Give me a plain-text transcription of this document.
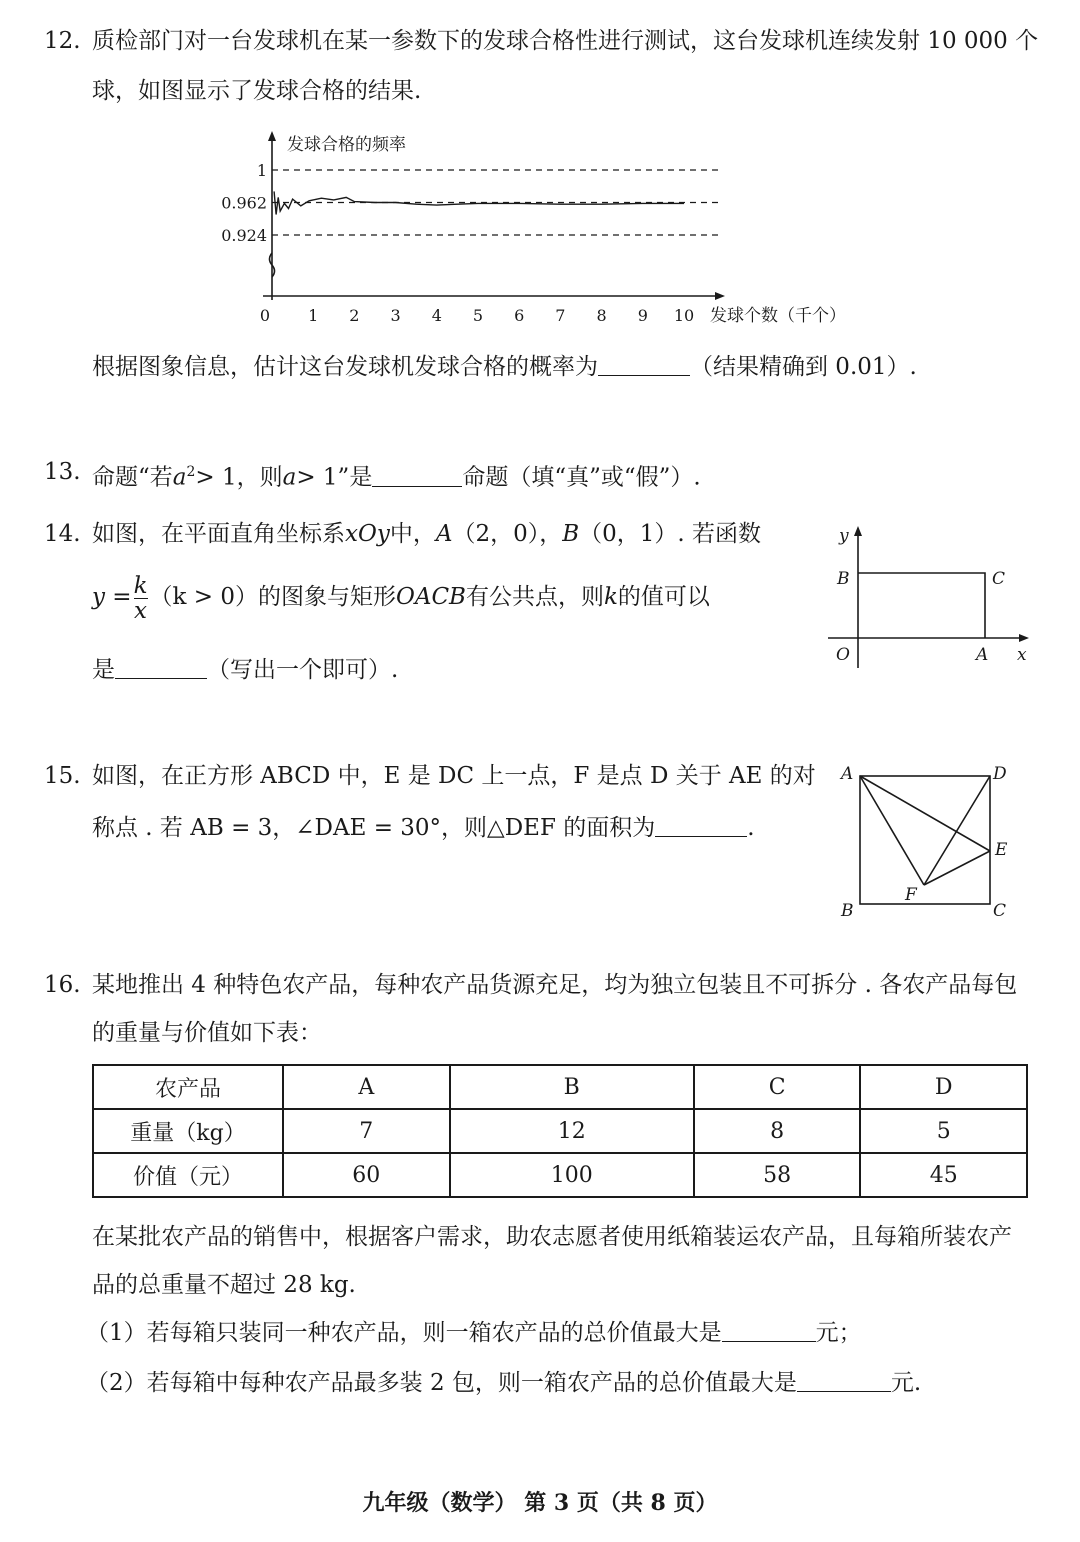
12. 质检部门对一台发球机在某一参数下的发球合格性进行测试，这台发球机连续发射 10 000 个
球，如图显示了发球合格的结果.
发球合格的频率
发球个数（千个）
1
0.962
0.924
0 1 2 3 4 5 6 7 8 9 10
根据图象信息，估计这台发球机发球合格的概率为	（结果精确到 0.01）.
13. 命题“若$a^2> 1$，则a> 1”是	命题（填“真”或“假”）.
14. 如图，在平面直角坐标系xOy中，A（2，0），B（0，1）. 若函数
$y = \frac{k}{x} (k > 0)$的图象与矩形OACB有公共点，则k的值可以
是	（写出一个即可）.
y
B	C
O	A x
15. 如图，在正方形 ABCD 中，E 是 DC 上一点，F 是点 D 关于 AE 的对
称点 . 若 AB = 3，∠DAE = 30°，则△DEF 的面积为	.
A	D
E
F
B	C
16. 某地推出 4 种特色农产品，每种农产品货源充足，均为独立包装且不可拆分 . 各农产品每包
的重量与价值如下表：
农产品	A	B	C	D
重量（kg）	7	12	8	5
价值（元）	60	100	58	45
在某批农产品的销售中，根据客户需求，助农志愿者使用纸箱装运农产品，且每箱所装农产
品的总重量不超过 28 kg.
（1）若每箱只装同一种农产品，则一箱农产品的总价值最大是	元；
（2）若每箱中每种农产品最多装 2 包，则一箱农产品的总价值最大是	元.
九年级（数学） 第 3 页（共 8 页）
